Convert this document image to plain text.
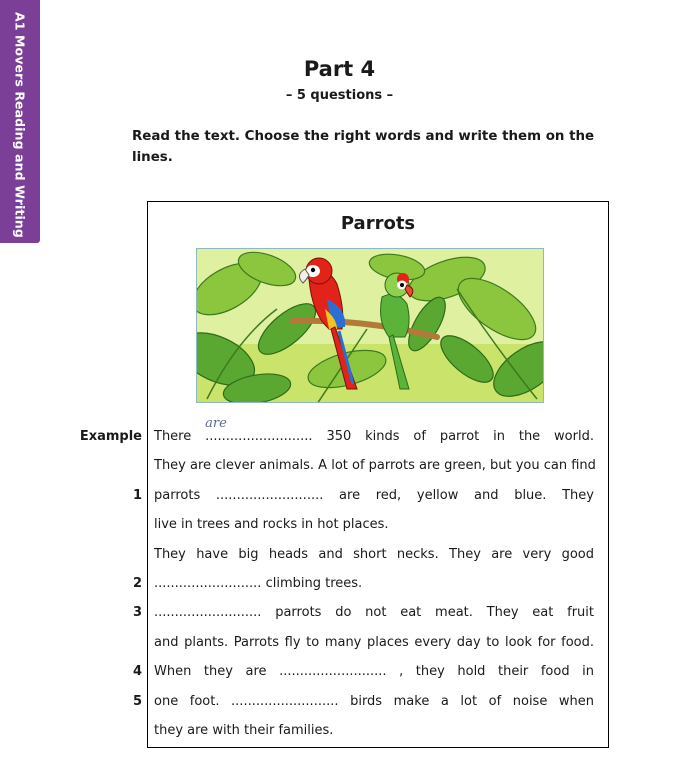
A1 Movers Reading and Writing	Part 4
– 5 questions –
Read the text. Choose the right words and write them on the lines.
Parrots
Example There ..........................
are
350 kinds of parrot in the world.
They are clever animals. A lot of parrots are green, but you can find
1 parrots .......................... are red, yellow and blue. They
live in trees and rocks in hot places.
They have big heads and short necks. They are very good
2 .......................... climbing trees.
3 .......................... parrots do not eat meat. They eat fruit
and plants. Parrots fly to many places every day to look for food.
4 When they are .......................... , they hold their food in
5 one foot. .......................... birds make a lot of noise when
they are with their families.
